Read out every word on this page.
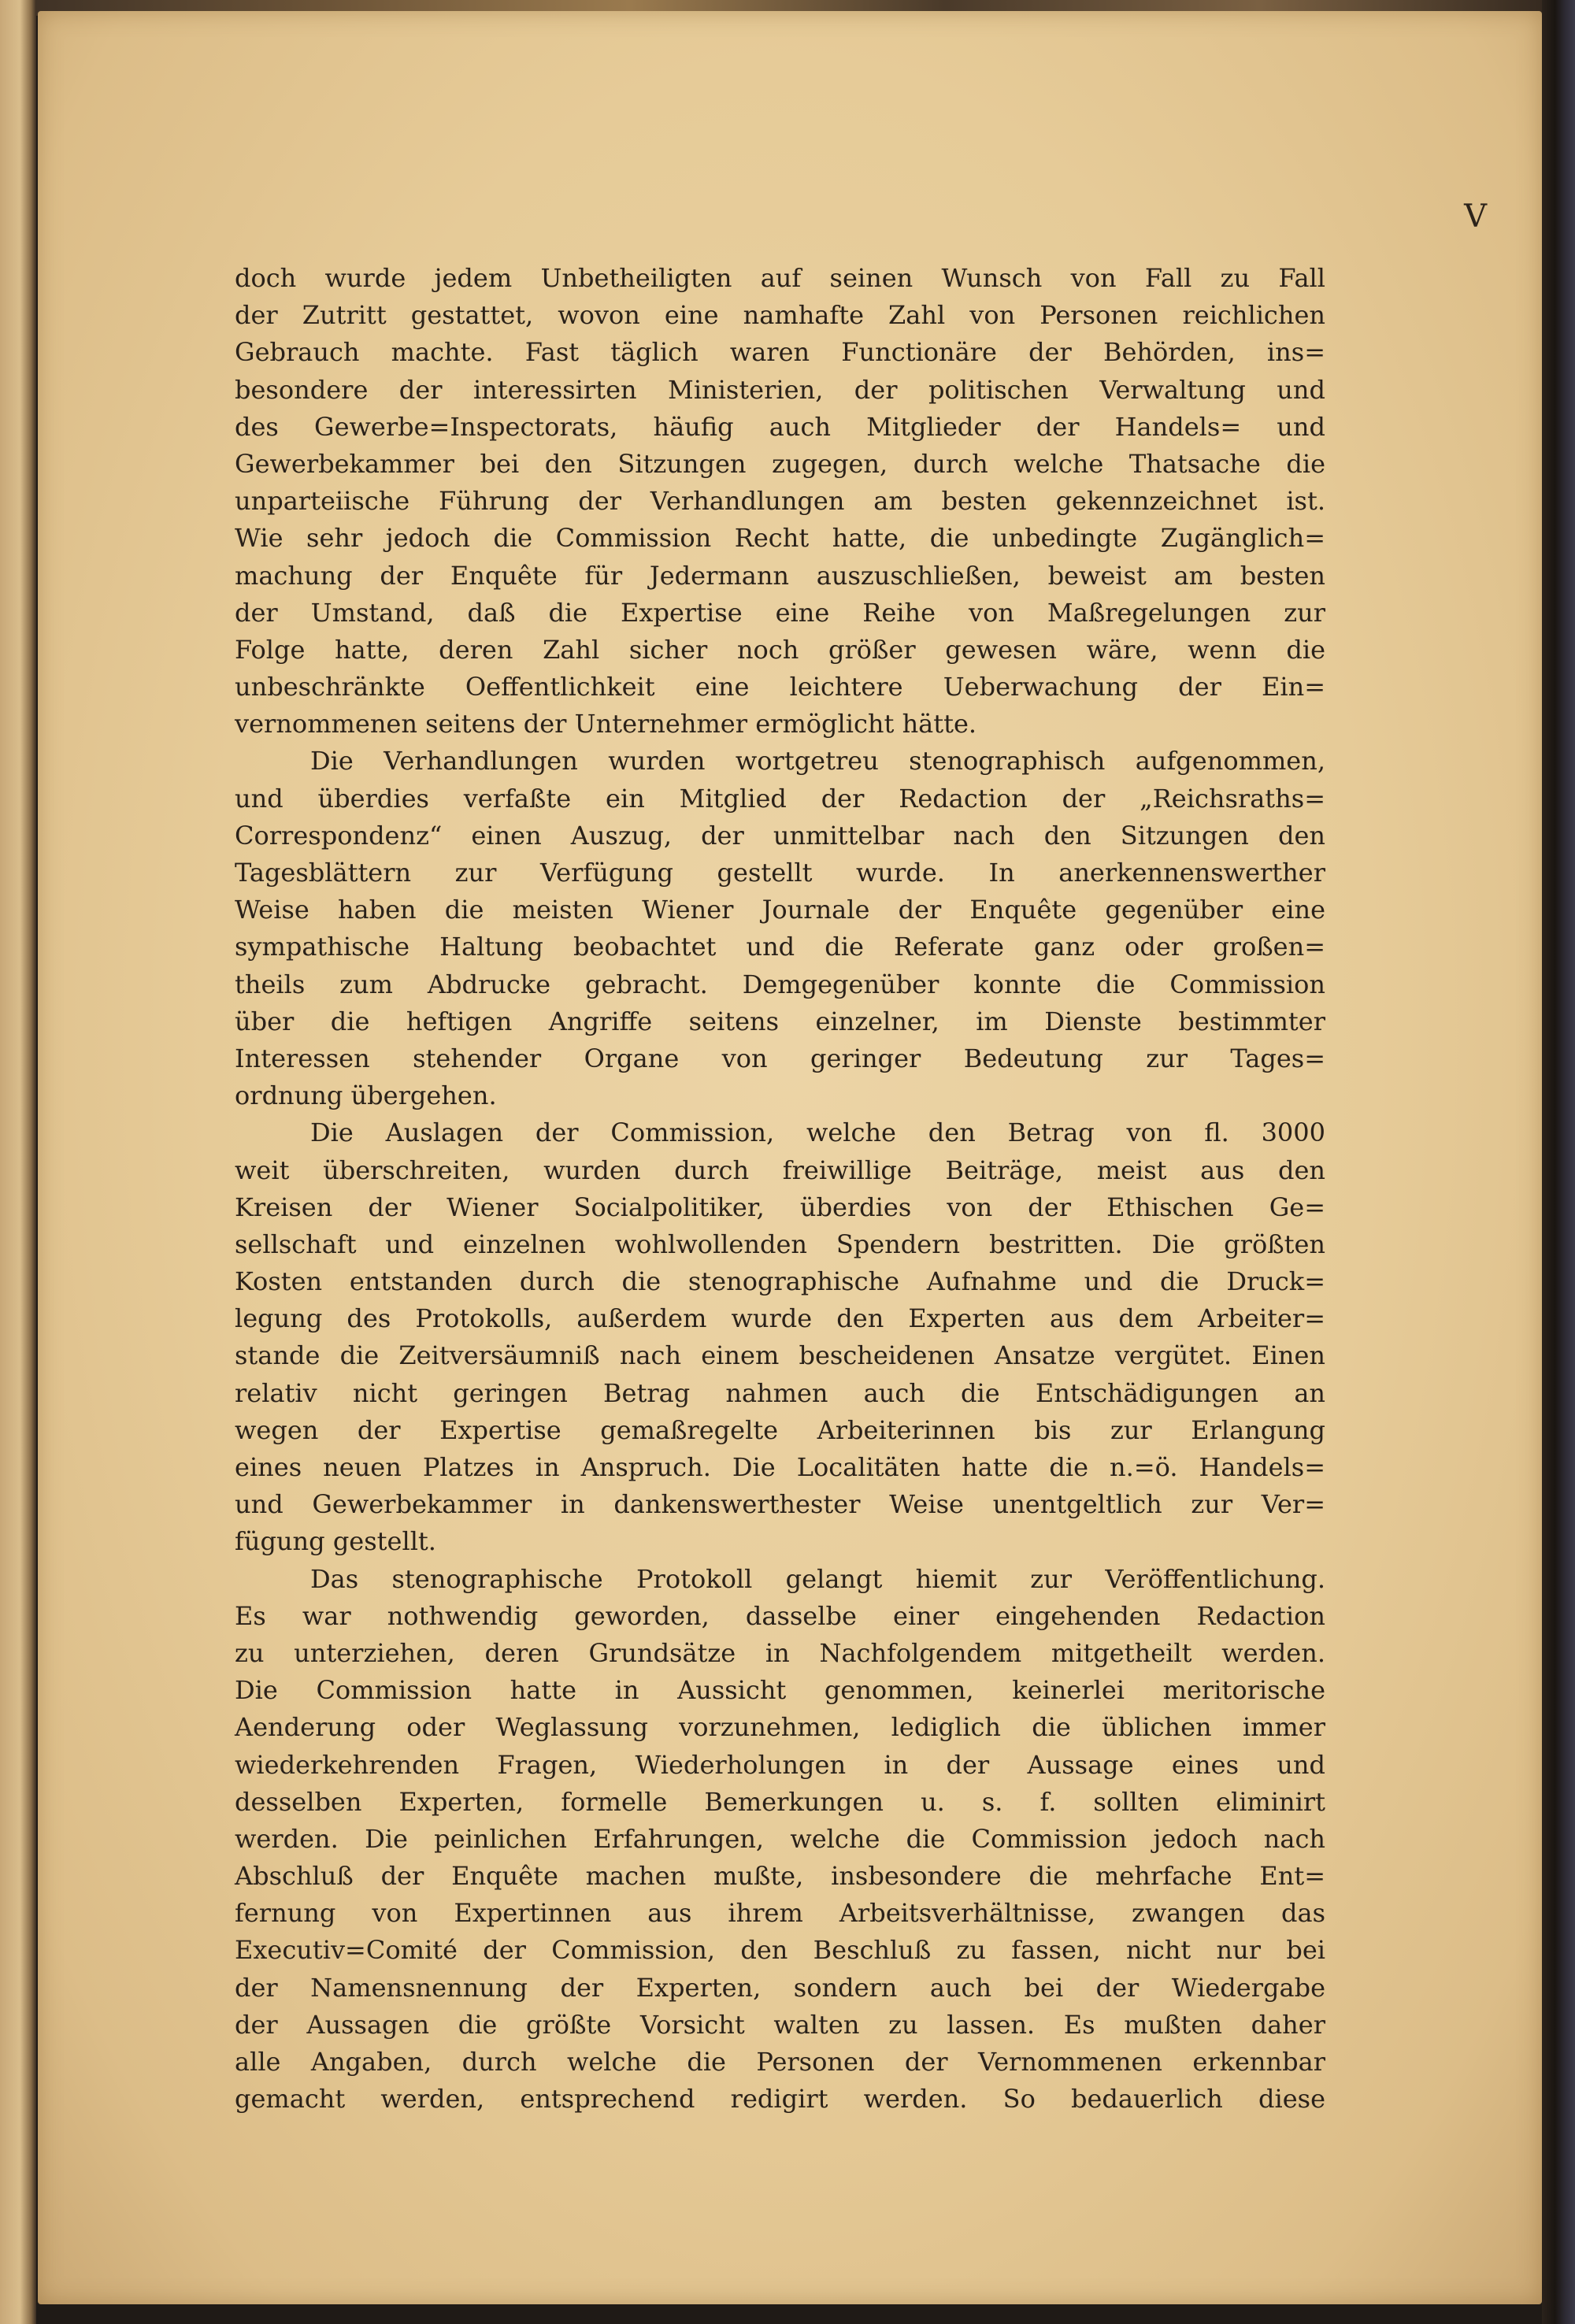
V
doch wurde jedem Unbetheiligten auf seinen Wunsch von Fall zu Fall
der Zutritt gestattet, wovon eine namhafte Zahl von Personen reichlichen
Gebrauch machte. Fast täglich waren Functionäre der Behörden, ins=
besondere der interessirten Ministerien, der politischen Verwaltung und
des Gewerbe=Inspectorats, häufig auch Mitglieder der Handels= und
Gewerbekammer bei den Sitzungen zugegen, durch welche Thatsache die
unparteiische Führung der Verhandlungen am besten gekennzeichnet ist.
Wie sehr jedoch die Commission Recht hatte, die unbedingte Zugänglich=
machung der Enquête für Jedermann auszuschließen, beweist am besten
der Umstand, daß die Expertise eine Reihe von Maßregelungen zur
Folge hatte, deren Zahl sicher noch größer gewesen wäre, wenn die
unbeschränkte Oeffentlichkeit eine leichtere Ueberwachung der Ein=
vernommenen seitens der Unternehmer ermöglicht hätte.
Die Verhandlungen wurden wortgetreu stenographisch aufgenommen,
und überdies verfaßte ein Mitglied der Redaction der „Reichsraths=
Correspondenz“ einen Auszug, der unmittelbar nach den Sitzungen den
Tagesblättern zur Verfügung gestellt wurde. In anerkennenswerther
Weise haben die meisten Wiener Journale der Enquête gegenüber eine
sympathische Haltung beobachtet und die Referate ganz oder großen=
theils zum Abdrucke gebracht. Demgegenüber konnte die Commission
über die heftigen Angriffe seitens einzelner, im Dienste bestimmter
Interessen stehender Organe von geringer Bedeutung zur Tages=
ordnung übergehen.
Die Auslagen der Commission, welche den Betrag von fl. 3000
weit überschreiten, wurden durch freiwillige Beiträge, meist aus den
Kreisen der Wiener Socialpolitiker, überdies von der Ethischen Ge=
sellschaft und einzelnen wohlwollenden Spendern bestritten. Die größten
Kosten entstanden durch die stenographische Aufnahme und die Druck=
legung des Protokolls, außerdem wurde den Experten aus dem Arbeiter=
stande die Zeitversäumniß nach einem bescheidenen Ansatze vergütet. Einen
relativ nicht geringen Betrag nahmen auch die Entschädigungen an
wegen der Expertise gemaßregelte Arbeiterinnen bis zur Erlangung
eines neuen Platzes in Anspruch. Die Localitäten hatte die n.=ö. Handels=
und Gewerbekammer in dankenswerthester Weise unentgeltlich zur Ver=
fügung gestellt.
Das stenographische Protokoll gelangt hiemit zur Veröffentlichung.
Es war nothwendig geworden, dasselbe einer eingehenden Redaction
zu unterziehen, deren Grundsätze in Nachfolgendem mitgetheilt werden.
Die Commission hatte in Aussicht genommen, keinerlei meritorische
Aenderung oder Weglassung vorzunehmen, lediglich die üblichen immer
wiederkehrenden Fragen, Wiederholungen in der Aussage eines und
desselben Experten, formelle Bemerkungen u. s. f. sollten eliminirt
werden. Die peinlichen Erfahrungen, welche die Commission jedoch nach
Abschluß der Enquête machen mußte, insbesondere die mehrfache Ent=
fernung von Expertinnen aus ihrem Arbeitsverhältnisse, zwangen das
Executiv=Comité der Commission, den Beschluß zu fassen, nicht nur bei
der Namensnennung der Experten, sondern auch bei der Wiedergabe
der Aussagen die größte Vorsicht walten zu lassen. Es mußten daher
alle Angaben, durch welche die Personen der Vernommenen erkennbar
gemacht werden, entsprechend redigirt werden. So bedauerlich diese
